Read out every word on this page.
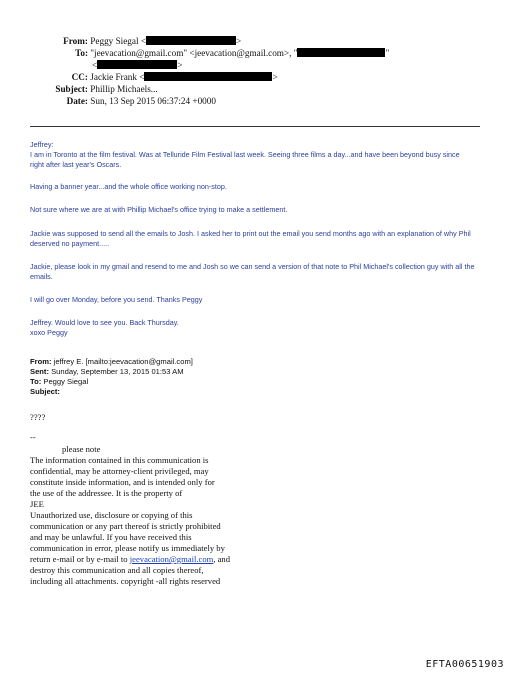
From: Peggy Siegal <	>
To: "jeevacation@gmail.com" <jeevacation@gmail.com>, "	"
<	>
CC: Jackie Frank <	>
Subject: Phillip Michaels...
Date: Sun, 13 Sep 2015 06:37:24 +0000
Jeffrey:
I am in Toronto at the film festival. Was at Telluride Film Festival last week. Seeing three films a day...and have been beyond busy since right after last year's Oscars.
Having a banner year...and the whole office working non-stop.
Not sure where we are at with Phillip Michael's office trying to make a settlement.
Jackie was supposed to send all the emails to Josh. I asked her to print out the email you send months ago with an explanation of why Phil deserved no payment.....
Jackie, please look in my gmail and resend to me and Josh so we can send a version of that note to Phil Michael's collection guy with all the emails.
I will go over Monday, before you send. Thanks Peggy
Jeffrey. Would love to see you. Back Thursday.
xoxo Peggy
From: jeffrey E. [mailto:jeevacation@gmail.com]
Sent: Sunday, September 13, 2015 01:53 AM
To: Peggy Siegal
Subject:
????
--
please note
The information contained in this communication is
confidential, may be attorney-client privileged, may
constitute inside information, and is intended only for
the use of the addressee. It is the property of
JEE
Unauthorized use, disclosure or copying of this
communication or any part thereof is strictly prohibited
and may be unlawful. If you have received this
communication in error, please notify us immediately by
return e-mail or by e-mail to jeevacation@gmail.com, and
destroy this communication and all copies thereof,
including all attachments. copyright -all rights reserved
EFTA00651903
